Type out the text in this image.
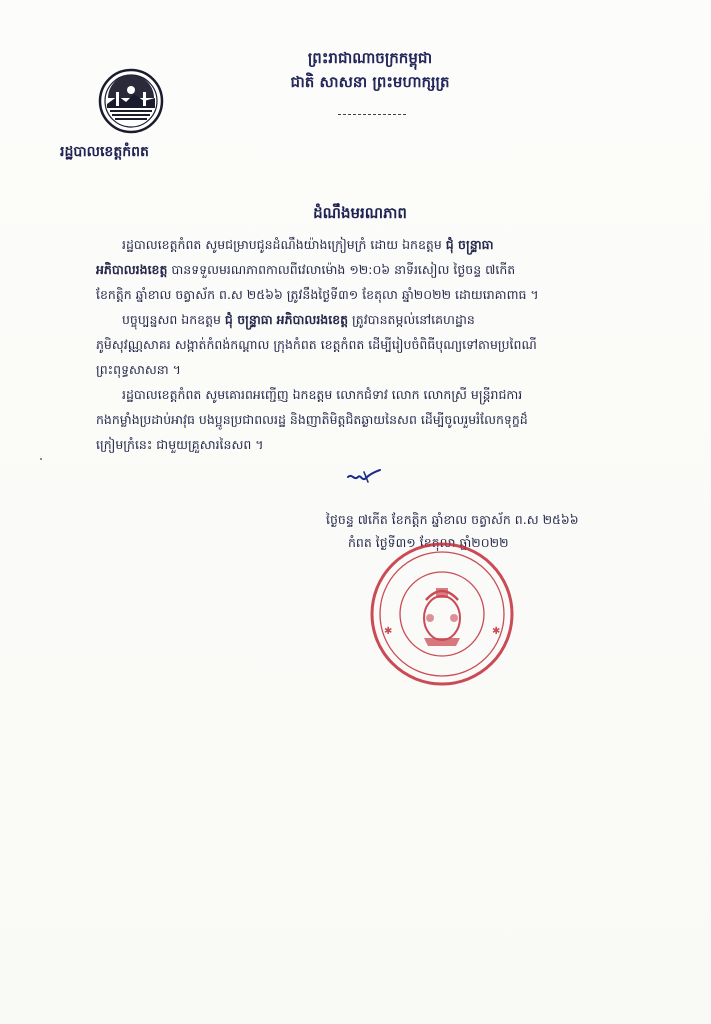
ព្រះរាជាណាចក្រកម្ពុជា
ជាតិ សាសនា ព្រះមហាក្សត្រ
រដ្ឋបាលខេត្តកំពត
ដំណឹងមរណភាព

រដ្ឋបាលខេត្តកំពត សូមជម្រាបជូនដំណឹងយ៉ាងក្រៀមក្រំ ដោយ ឯកឧត្តម ជុំ ចន្ទ្រាធា
អភិបាលរងខេត្ត បានទទួលមរណភាពកាលពីវេលាម៉ោង ១២:០៦ នាទីរសៀល ថ្ងៃចន្ទ ៧កើត
ខែកត្តិក ឆ្នាំខាល ចត្វាស័ក ព.ស ២៥៦៦ ត្រូវនឹងថ្ងៃទី៣១ ខែតុលា ឆ្នាំ២០២២ ដោយរោគាពាធ ។

បច្ចុប្បន្នសព ឯកឧត្តម ជុំ ចន្ទ្រាធា អភិបាលរងខេត្ត ត្រូវបានតម្កល់នៅគេហដ្ឋាន
ភូមិសុវណ្ណសាគរ សង្កាត់កំពង់កណ្តាល ក្រុងកំពត ខេត្តកំពត ដើម្បីរៀបចំពិធីបុណ្យទៅតាមប្រពៃណី
ព្រះពុទ្ធសាសនា ។

រដ្ឋបាលខេត្តកំពត សូមគោរពអញ្ជើញ ឯកឧត្តម លោកជំទាវ លោក លោកស្រី មន្ត្រីរាជការ
កងកម្លាំងប្រដាប់អាវុធ បងប្អូនប្រជាពលរដ្ឋ និងញាតិមិត្តជិតឆ្ងាយនៃសព ដើម្បីចូលរួមរំលែកទុក្ខដ៏
ក្រៀមក្រំនេះ ជាមួយគ្រួសារនៃសព ។

ថ្ងៃចន្ទ ៧កើត ខែកត្តិក ឆ្នាំខាល ចត្វាស័ក ព.ស ២៥៦៦
កំពត ថ្ងៃទី៣១ ខែតុលា ឆ្នាំ២០២២
✱	✱
